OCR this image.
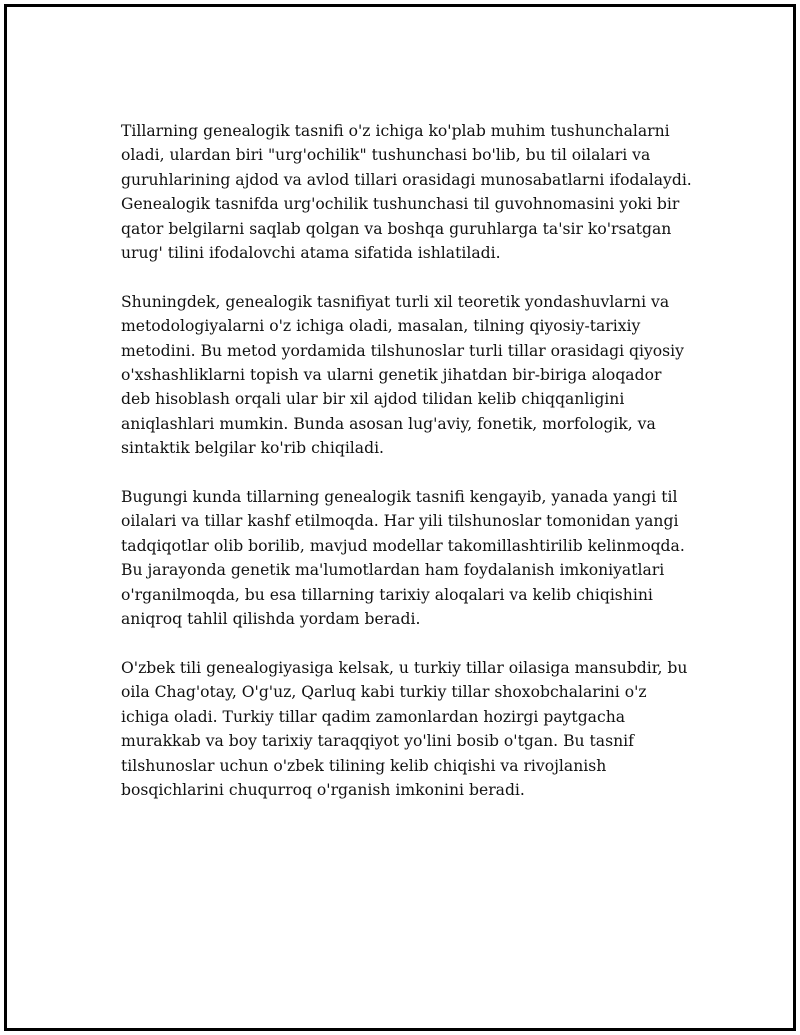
Tillarning genealogik tasnifi o'z ichiga ko'plab muhim tushunchalarni oladi, ulardan biri "urg'ochilik" tushunchasi bo'lib, bu til oilalari va guruhlarining ajdod va avlod tillari orasidagi munosabatlarni ifodalaydi. Genealogik tasnifda urg'ochilik tushunchasi til guvohnomasini yoki bir qator belgilarni saqlab qolgan va boshqa guruhlarga ta'sir ko'rsatgan urug' tilini ifodalovchi atama sifatida ishlatiladi.

Shuningdek, genealogik tasnifiyat turli xil teoretik yondashuvlarni va metodologiyalarni o'z ichiga oladi, masalan, tilning qiyosiy-tarixiy metodini. Bu metod yordamida tilshunoslar turli tillar orasidagi qiyosiy o'xshashliklarni topish va ularni genetik jihatdan bir-biriga aloqador deb hisoblash orqali ular bir xil ajdod tilidan kelib chiqqanligini aniqlashlari mumkin. Bunda asosan lug'aviy, fonetik, morfologik, va sintaktik belgilar ko'rib chiqiladi.

Bugungi kunda tillarning genealogik tasnifi kengayib, yanada yangi til oilalari va tillar kashf etilmoqda. Har yili tilshunoslar tomonidan yangi tadqiqotlar olib borilib, mavjud modellar takomillashtirilib kelinmoqda. Bu jarayonda genetik ma'lumotlardan ham foydalanish imkoniyatlari o'rganilmoqda, bu esa tillarning tarixiy aloqalari va kelib chiqishini aniqroq tahlil qilishda yordam beradi.

O'zbek tili genealogiyasiga kelsak, u turkiy tillar oilasiga mansubdir, bu oila Chag'otay, O'g'uz, Qarluq kabi turkiy tillar shoxobchalarini o'z ichiga oladi. Turkiy tillar qadim zamonlardan hozirgi paytgacha murakkab va boy tarixiy taraqqiyot yo'lini bosib o'tgan. Bu tasnif tilshunoslar uchun o'zbek tilining kelib chiqishi va rivojlanish bosqichlarini chuqurroq o'rganish imkonini beradi.
